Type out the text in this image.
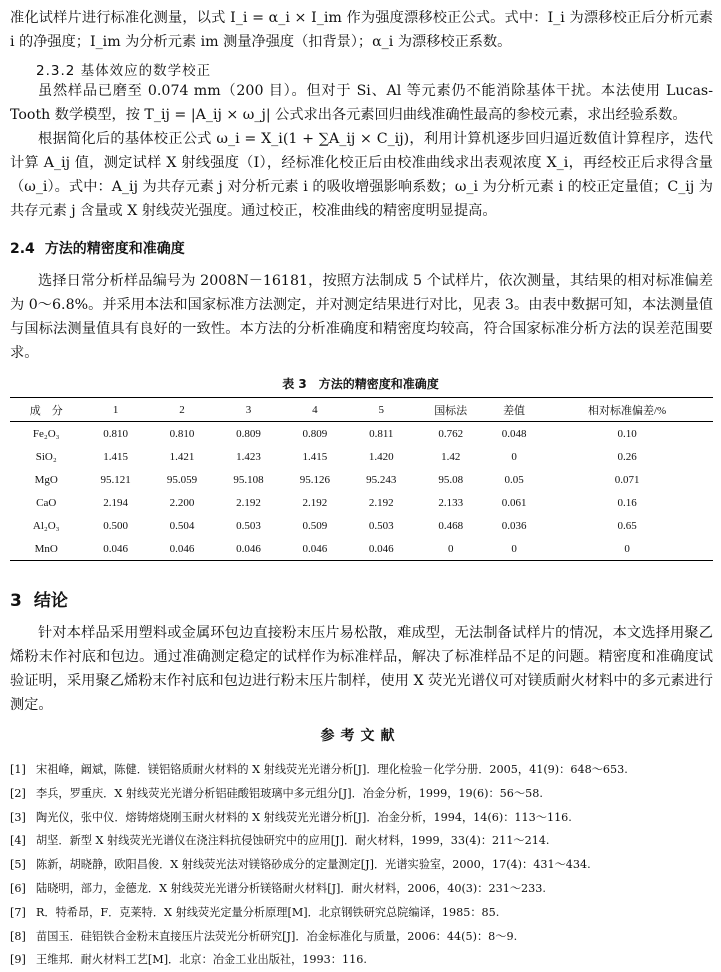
准化试样片进行标准化测量，以式 I_i = α_i × I_im 作为强度漂移校正公式。式中：I_i 为漂移校正后分析元素 i 的净强度；I_im 为分析元素 im 测量净强度（扣背景）；α_i 为漂移校正系数。
2.3.2 基体效应的数学校正
虽然样品已磨至 0.074 mm（200 目）。但对于 Si、Al 等元素仍不能消除基体干扰。本法使用 Lucas-Tooth 数学模型，按 T_ij = |A_ij × ω_j| 公式求出各元素回归曲线准确性最高的参校元素，求出经验系数。
根据简化后的基体校正公式 ω_i = X_i(1 + ∑A_ij × C_ij)，利用计算机逐步回归逼近数值计算程序，迭代计算 A_ij 值，测定试样 X 射线强度（I），经标准化校正后由校准曲线求出表观浓度 X_i，再经校正后求得含量（ω_i）。式中：A_ij 为共存元素 j 对分析元素 i 的吸收增强影响系数；ω_i 为分析元素 i 的校正定量值；C_ij 为共存元素 j 含量或 X 射线荧光强度。通过校正，校准曲线的精密度明显提高。
2.4 方法的精密度和准确度
选择日常分析样品编号为 2008N－16181，按照方法制成 5 个试样片，依次测量，其结果的相对标准偏差为 0～6.8%。并采用本法和国家标准方法测定，并对测定结果进行对比，见表 3。由表中数据可知，本法测量值与国标法测量值具有良好的一致性。本方法的分析准确度和精密度均较高，符合国家标准分析方法的误差范围要求。
表 3　方法的精密度和准确度
成　分	1	2	3	4	5	国标法	差值	相对标准偏差/%
Fe₂O₃	0.810	0.810	0.809	0.809	0.811	0.762	0.048	0.10
SiO₂	1.415	1.421	1.423	1.415	1.420	1.42	0	0.26
MgO	95.121	95.059	95.108	95.126	95.243	95.08	0.05	0.071
CaO	2.194	2.200	2.192	2.192	2.192	2.133	0.061	0.16
Al₂O₃	0.500	0.504	0.503	0.509	0.503	0.468	0.036	0.65
MnO	0.046	0.046	0.046	0.046	0.046	0	0	0
3 结论
针对本样品采用塑料或金属环包边直接粉末压片易松散，难成型，无法制备试样片的情况，本文选择用聚乙烯粉末作衬底和包边。通过准确测定稳定的试样作为标准样品，解决了标准样品不足的问题。精密度和准确度试验证明，采用聚乙烯粉末作衬底和包边进行粉末压片制样，使用 X 荧光光谱仪可对镁质耐火材料中的多元素进行测定。
参考文献
[1] 宋祖峰，阚斌，陈健．镁铝铬质耐火材料的 X 射线荧光光谱分析[J]．理化检验－化学分册．2005，41(9)：648～653.
[2] 李兵，罗重庆．X 射线荧光光谱分析铝硅酸铝玻璃中多元组分[J]．冶金分析，1999，19(6)：56～58.
[3] 陶光仪，张中仪．熔铸熔烧刚玉耐火材料的 X 射线荧光光谱分析[J]．冶金分析，1994，14(6)：113～116.
[4] 胡坚．新型 X 射线荧光光谱仪在浇注料抗侵蚀研究中的应用[J]．耐火材料，1999，33(4)：211～214.
[5] 陈新，胡晓静，欧阳昌俊．X 射线荧光法对镁铬砂成分的定量测定[J]．光谱实验室，2000，17(4)：431～434.
[6] 陆晓明，部力，金德龙．X 射线荧光光谱分析镁铬耐火材料[J]．耐火材料，2006，40(3)：231～233.
[7] R．特希昂，F．克莱特．X 射线荧光定量分析原理[M]．北京钢铁研究总院编译，1985：85.
[8] 苗国玉．硅铝铁合金粉末直接压片法荧光分析研究[J]．冶金标准化与质量，2006：44(5)：8～9.
[9] 王维邦．耐火材料工艺[M]．北京：冶金工业出版社，1993：116.
